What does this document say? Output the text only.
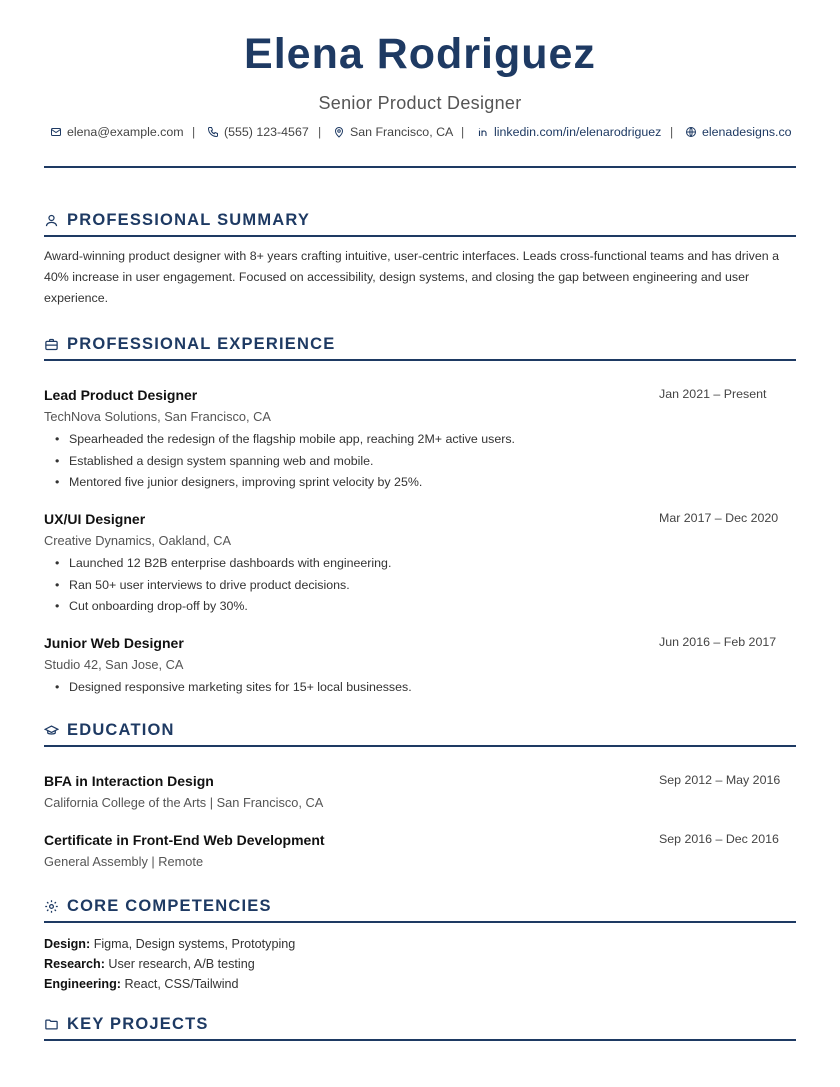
Elena Rodriguez
Senior Product Designer
elena@example.com | (555) 123-4567 | San Francisco, CA | linkedin.com/in/elenarodriguez | elenadesigns.co
PROFESSIONAL SUMMARY
Award-winning product designer with 8+ years crafting intuitive, user-centric interfaces. Leads cross-functional teams and has driven a 40% increase in user engagement. Focused on accessibility, design systems, and closing the gap between engineering and user experience.
PROFESSIONAL EXPERIENCE
Lead Product Designer	Jan 2021 – Present
TechNova Solutions, San Francisco, CA
• Spearheaded the redesign of the flagship mobile app, reaching 2M+ active users.
• Established a design system spanning web and mobile.
• Mentored five junior designers, improving sprint velocity by 25%.
UX/UI Designer	Mar 2017 – Dec 2020
Creative Dynamics, Oakland, CA
• Launched 12 B2B enterprise dashboards with engineering.
• Ran 50+ user interviews to drive product decisions.
• Cut onboarding drop-off by 30%.
Junior Web Designer	Jun 2016 – Feb 2017
Studio 42, San Jose, CA
• Designed responsive marketing sites for 15+ local businesses.
EDUCATION
BFA in Interaction Design	Sep 2012 – May 2016
California College of the Arts | San Francisco, CA
Certificate in Front-End Web Development	Sep 2016 – Dec 2016
General Assembly | Remote
CORE COMPETENCIES
Design: Figma, Design systems, Prototyping
Research: User research, A/B testing
Engineering: React, CSS/Tailwind
KEY PROJECTS
